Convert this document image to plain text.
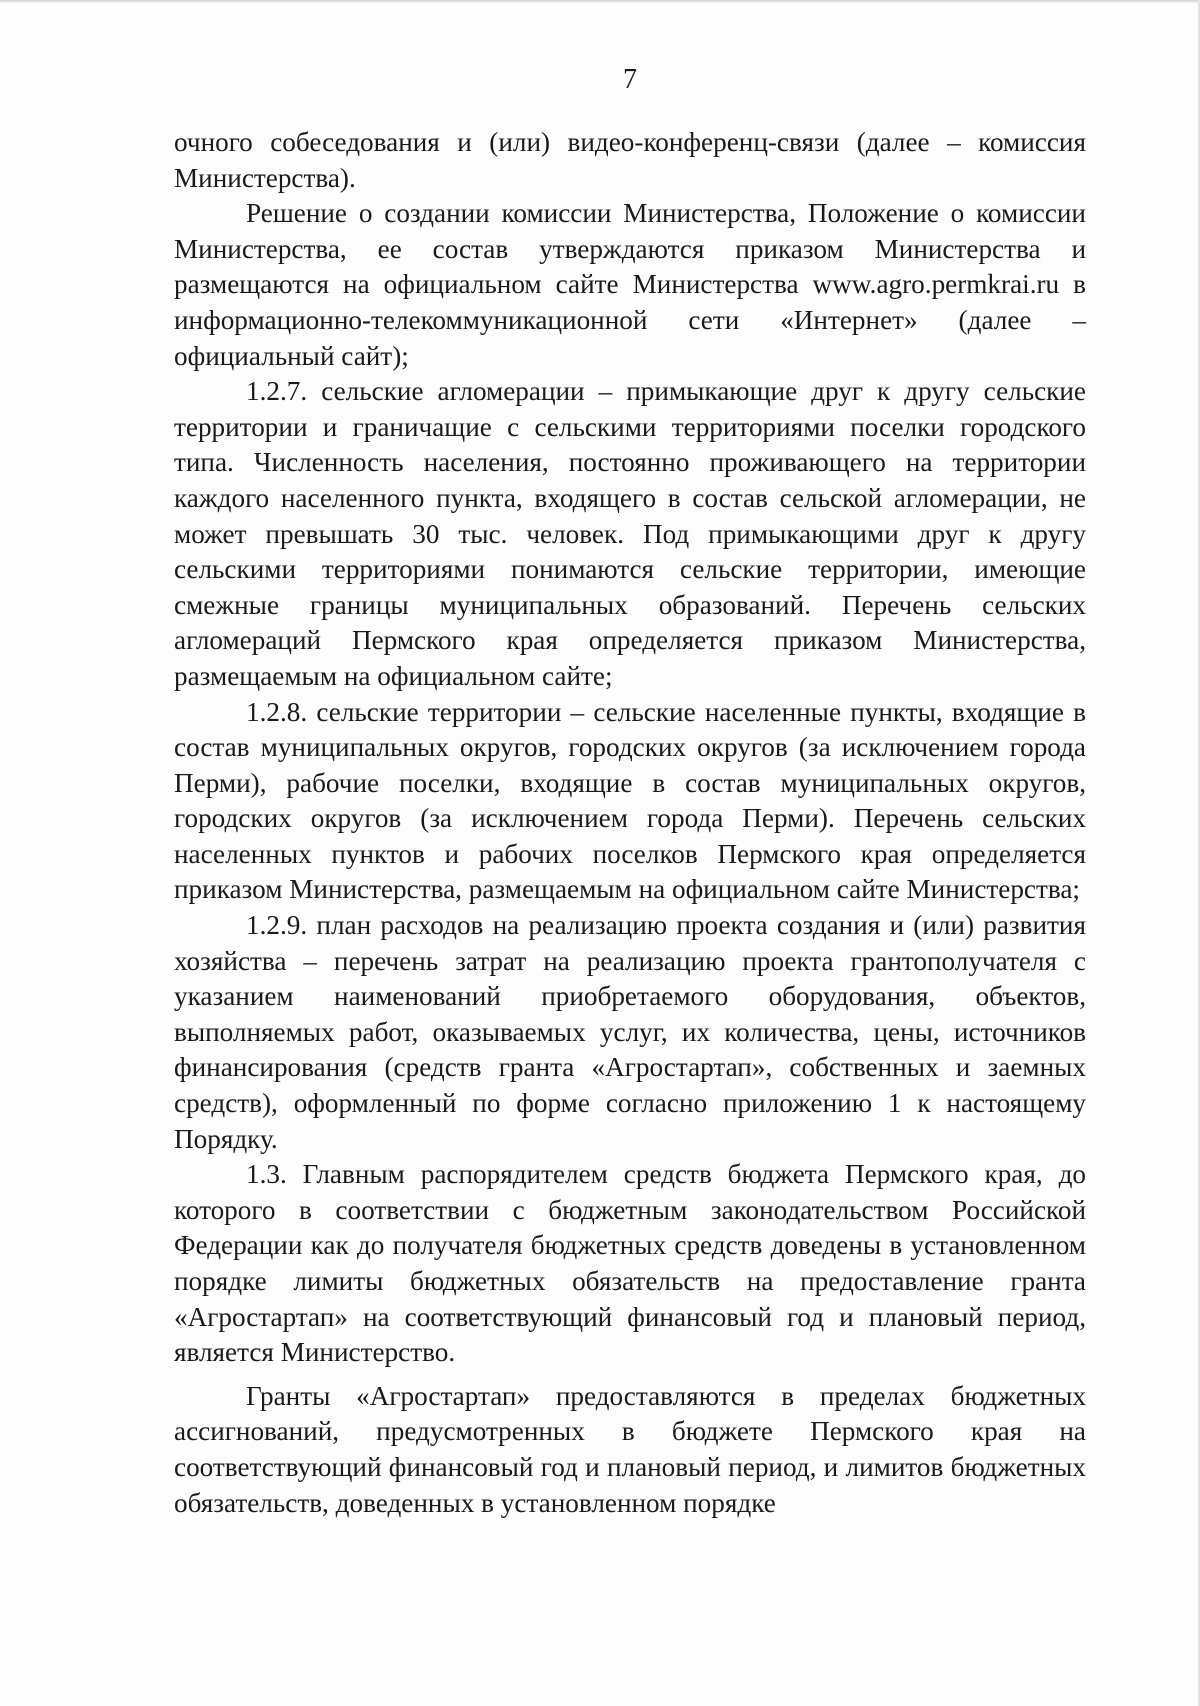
7

очного собеседования и (или) видео-конференц-связи (далее – комиссия Министерства).

Решение о создании комиссии Министерства, Положение о комиссии Министерства, ее состав утверждаются приказом Министерства и размещаются на официальном сайте Министерства www.agro.permkrai.ru в информационно-телекоммуникационной сети «Интернет» (далее – официальный сайт);

1.2.7. сельские агломерации – примыкающие друг к другу сельские территории и граничащие с сельскими территориями поселки городского типа. Численность населения, постоянно проживающего на территории каждого населенного пункта, входящего в состав сельской агломерации, не может превышать 30 тыс. человек. Под примыкающими друг к другу сельскими территориями понимаются сельские территории, имеющие смежные границы муниципальных образований. Перечень сельских агломераций Пермского края определяется приказом Министерства, размещаемым на официальном сайте;

1.2.8. сельские территории – сельские населенные пункты, входящие в состав муниципальных округов, городских округов (за исключением города Перми), рабочие поселки, входящие в состав муниципальных округов, городских округов (за исключением города Перми). Перечень сельских населенных пунктов и рабочих поселков Пермского края определяется приказом Министерства, размещаемым на официальном сайте Министерства;

1.2.9. план расходов на реализацию проекта создания и (или) развития хозяйства – перечень затрат на реализацию проекта грантополучателя с указанием наименований приобретаемого оборудования, объектов, выполняемых работ, оказываемых услуг, их количества, цены, источников финансирования (средств гранта «Агростартап», собственных и заемных средств), оформленный по форме согласно приложению 1 к настоящему Порядку.

1.3. Главным распорядителем средств бюджета Пермского края, до которого в соответствии с бюджетным законодательством Российской Федерации как до получателя бюджетных средств доведены в установленном порядке лимиты бюджетных обязательств на предоставление гранта «Агростартап» на соответствующий финансовый год и плановый период, является Министерство.

Гранты «Агростартап» предоставляются в пределах бюджетных ассигнований, предусмотренных в бюджете Пермского края на соответствующий финансовый год и плановый период, и лимитов бюджетных обязательств, доведенных в установленном порядке
